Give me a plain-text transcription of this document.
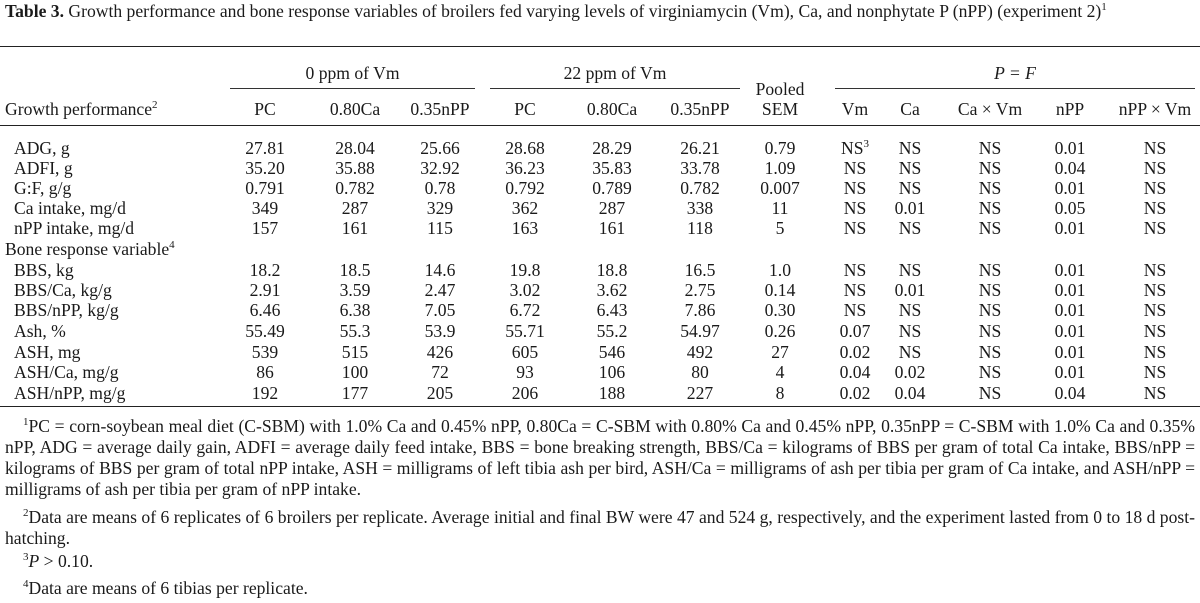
Table 3. Growth performance and bone response variables of broilers fed varying levels of virginiamycin (Vm), Ca, and nonphytate P (nPP) (experiment 2)$^1$
0 ppm of Vm	22 ppm of Vm
Pooled
P = F
Growth performance$^2$	SEM
PC	0.80Ca	0.35nPP	PC	0.80Ca	0.35nPP	Vm	Ca	Ca × Vm	nPP	nPP × Vm
ADG, g	27.81	28.04	25.66	28.68	28.29	26.21	0.79	$NS^3$	NS	NS	0.01	NS
ADFI, g	35.20	35.88	32.92	36.23	35.83	33.78	1.09	NS	NS	NS	0.04	NS
G:F, g/g	0.791	0.782	0.78	0.792	0.789	0.782	0.007	NS	NS	NS	0.01	NS
Ca intake, mg/d	349	287	329	362	287	338	11	NS	0.01	NS	0.05	NS
nPP intake, mg/d	157	161	115	163	161	118	5	NS	NS	NS	0.01	NS
BBS, kg	18.2	18.5	14.6	19.8	18.8	16.5	1.0	NS	NS	NS	0.01	NS
BBS/Ca, kg/g	2.91	3.59	2.47	3.02	3.62	2.75	0.14	NS	0.01	NS	0.01	NS
BBS/nPP, kg/g	6.46	6.38	7.05	6.72	6.43	7.86	0.30	NS	NS	NS	0.01	NS
Ash, %	55.49	55.3	53.9	55.71	55.2	54.97	0.26	0.07	NS	NS	0.01	NS
ASH, mg	539	515	426	605	546	492	27	0.02	NS	NS	0.01	NS
ASH/Ca, mg/g	86	100	72	93	106	80	4	0.04	0.02	NS	0.01	NS
ASH/nPP, mg/g	192	177	205	206	188	227	8	0.02	0.04	NS	0.04	NS
Bone response variable$^4$
$^1$PC = corn-soybean meal diet (C-SBM) with 1.0% Ca and 0.45% nPP, 0.80Ca = C-SBM with 0.80% Ca and 0.45% nPP, 0.35nPP = C-SBM with 1.0% Ca and 0.35% nPP, ADG = average daily gain, ADFI = average daily feed intake, BBS = bone breaking strength, BBS/Ca = kilograms of BBS per gram of total Ca intake, BBS/nPP = kilograms of BBS per gram of total nPP intake, ASH = milligrams of left tibia ash per bird, ASH/Ca = milligrams of ash per tibia per gram of Ca intake, and ASH/nPP = milligrams of ash per tibia per gram of nPP intake.
$^2$Data are means of 6 replicates of 6 broilers per replicate. Average initial and final BW were 47 and 524 g, respectively, and the experiment lasted from 0 to 18 d post-hatching.
$^3$P > 0.10.
$^4$Data are means of 6 tibias per replicate.
